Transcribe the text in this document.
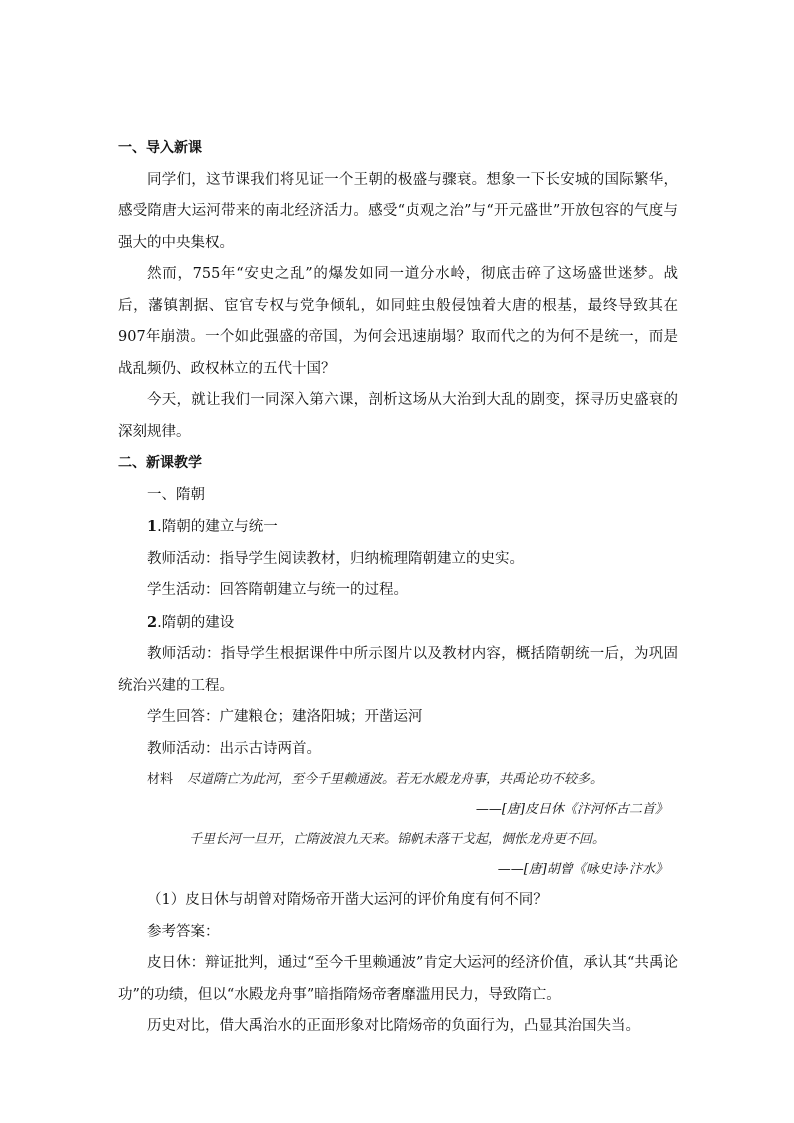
一、导入新课
同学们，这节课我们将见证一个王朝的极盛与骤衰。想象一下长安城的国际繁华，感受隋唐大运河带来的南北经济活力。感受“贞观之治”与“开元盛世”开放包容的气度与强大的中央集权。
然而，755年“安史之乱”的爆发如同一道分水岭，彻底击碎了这场盛世迷梦。战后，藩镇割据、宦官专权与党争倾轧，如同蛀虫般侵蚀着大唐的根基，最终导致其在907年崩溃。一个如此强盛的帝国，为何会迅速崩塌？取而代之的为何不是统一，而是战乱频仍、政权林立的五代十国？
今天，就让我们一同深入第六课，剖析这场从大治到大乱的剧变，探寻历史盛衰的深刻规律。
二、新课教学
一、隋朝
1.隋朝的建立与统一
教师活动：指导学生阅读教材，归纳梳理隋朝建立的史实。
学生活动：回答隋朝建立与统一的过程。
2.隋朝的建设
教师活动：指导学生根据课件中所示图片以及教材内容，概括隋朝统一后，为巩固统治兴建的工程。
学生回答：广建粮仓；建洛阳城；开凿运河
教师活动：出示古诗两首。
材料 尽道隋亡为此河，至今千里赖通波。若无水殿龙舟事，共禹论功不较多。
——[唐]皮日休《汴河怀古二首》
千里长河一旦开，亡隋波浪九天来。锦帆未落干戈起，惆怅龙舟更不回。
——[唐]胡曾《咏史诗·汴水》
（1）皮日休与胡曾对隋炀帝开凿大运河的评价角度有何不同？
参考答案：
皮日休：辩证批判，通过“至今千里赖通波”肯定大运河的经济价值，承认其“共禹论功”的功绩，但以“水殿龙舟事”暗指隋炀帝奢靡滥用民力，导致隋亡。
历史对比，借大禹治水的正面形象对比隋炀帝的负面行为，凸显其治国失当。
